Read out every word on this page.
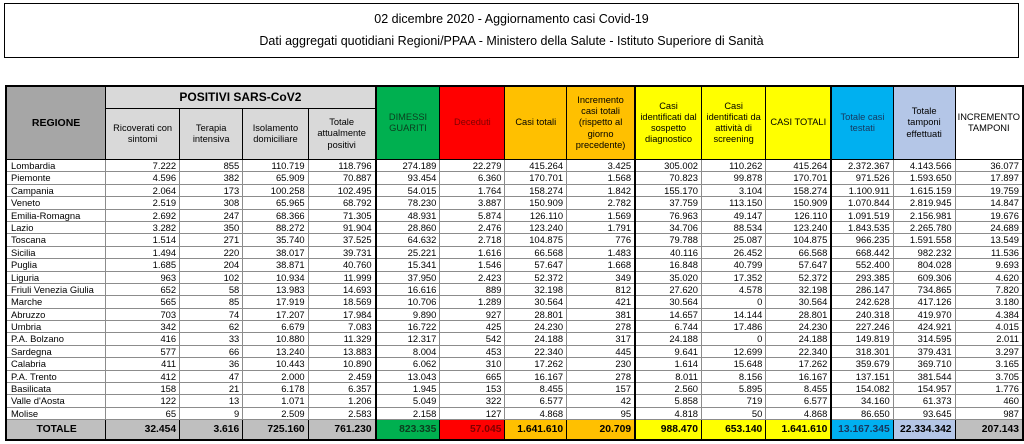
02 dicembre 2020 - Aggiornamento casi Covid-19
Dati aggregati quotidiani Regioni/PPAA - Ministero della Salute - Istituto Superiore di Sanità
REGIONE	POSITIVI SARS-CoV2				DIMESSI GUARITI	Deceduti	Casi totali	Incremento casi totali (rispetto al giorno precedente)	Casi identificati dal sospetto diagnostico	Casi identificati da attività di screening	CASI TOTALI	Totale casi testati	Totale tamponi effettuati	INCREMENTO TAMPONI
	Ricoverati con sintomi	Terapia intensiva	Isolamento domiciliare	Totale attualmente positivi										
Lombardia	7.222	855	110.719	118.796	274.189	22.279	415.264	3.425	305.002	110.262	415.264	2.372.367	4.143.566	36.077
Piemonte	4.596	382	65.909	70.887	93.454	6.360	170.701	1.568	70.823	99.878	170.701	971.526	1.593.650	17.897
Campania	2.064	173	100.258	102.495	54.015	1.764	158.274	1.842	155.170	3.104	158.274	1.100.911	1.615.159	19.759
Veneto	2.519	308	65.965	68.792	78.230	3.887	150.909	2.782	37.759	113.150	150.909	1.070.844	2.819.945	14.847
Emilia-Romagna	2.692	247	68.366	71.305	48.931	5.874	126.110	1.569	76.963	49.147	126.110	1.091.519	2.156.981	19.676
Lazio	3.282	350	88.272	91.904	28.860	2.476	123.240	1.791	34.706	88.534	123.240	1.843.535	2.265.780	24.689
Toscana	1.514	271	35.740	37.525	64.632	2.718	104.875	776	79.788	25.087	104.875	966.235	1.591.558	13.549
Sicilia	1.494	220	38.017	39.731	25.221	1.616	66.568	1.483	40.116	26.452	66.568	668.442	982.232	11.536
Puglia	1.685	204	38.871	40.760	15.341	1.546	57.647	1.668	16.848	40.799	57.647	552.400	804.028	9.693
Liguria	963	102	10.934	11.999	37.950	2.423	52.372	349	35.020	17.352	52.372	293.385	609.306	4.620
Friuli Venezia Giulia	652	58	13.983	14.693	16.616	889	32.198	812	27.620	4.578	32.198	286.147	734.865	7.820
Marche	565	85	17.919	18.569	10.706	1.289	30.564	421	30.564	0	30.564	242.628	417.126	3.180
Abruzzo	703	74	17.207	17.984	9.890	927	28.801	381	14.657	14.144	28.801	240.318	419.970	4.384
Umbria	342	62	6.679	7.083	16.722	425	24.230	278	6.744	17.486	24.230	227.246	424.921	4.015
P.A. Bolzano	416	33	10.880	11.329	12.317	542	24.188	317	24.188	0	24.188	149.819	314.595	2.011
Sardegna	577	66	13.240	13.883	8.004	453	22.340	445	9.641	12.699	22.340	318.301	379.431	3.297
Calabria	411	36	10.443	10.890	6.062	310	17.262	230	1.614	15.648	17.262	359.679	369.710	3.165
P.A. Trento	412	47	2.000	2.459	13.043	665	16.167	278	8.011	8.156	16.167	137.151	381.544	3.705
Basilicata	158	21	6.178	6.357	1.945	153	8.455	157	2.560	5.895	8.455	154.082	154.957	1.776
Valle d'Aosta	122	13	1.071	1.206	5.049	322	6.577	42	5.858	719	6.577	34.160	61.373	460
Molise	65	9	2.509	2.583	2.158	127	4.868	95	4.818	50	4.868	86.650	93.645	987
TOTALE	32.454	3.616	725.160	761.230	823.335	57.045	1.641.610	20.709	988.470	653.140	1.641.610	13.167.345	22.334.342	207.143
